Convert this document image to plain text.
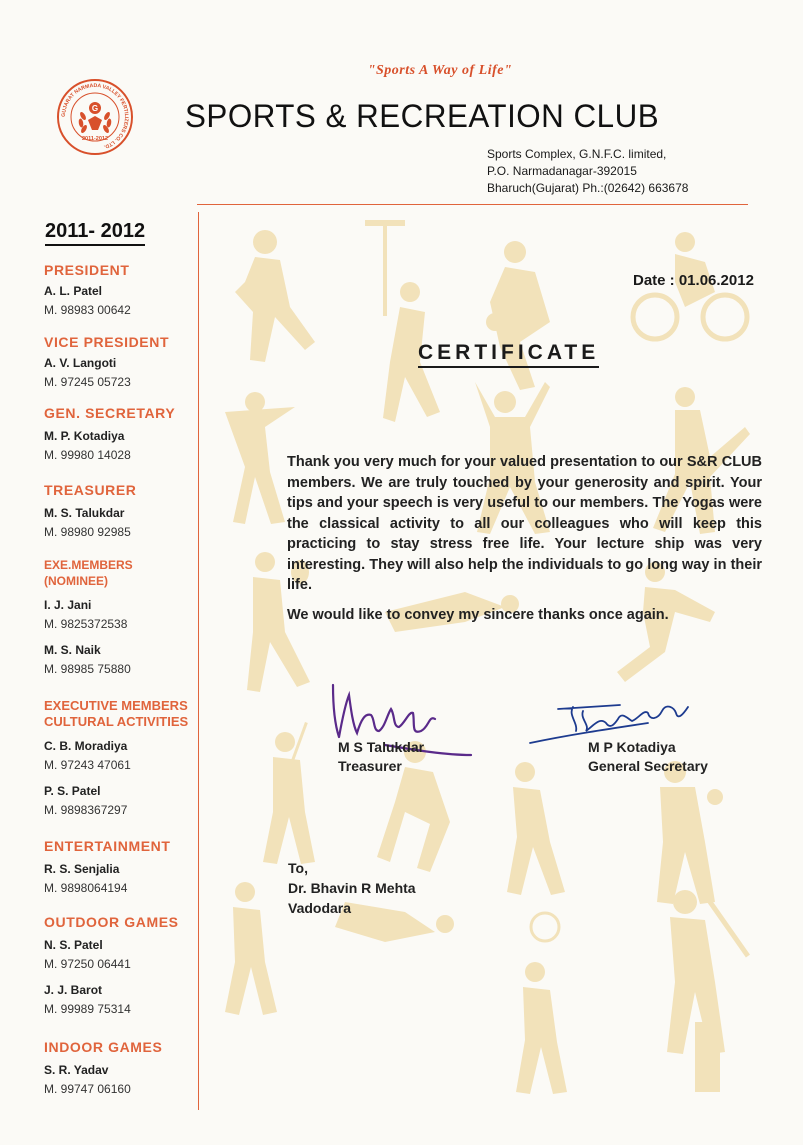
GUJARAT NARMADA VALLEY FERTILIZERS CO. LTD.
G
2011-2012
"Sports A Way of Life"
SPORTS & RECREATION CLUB
Sports Complex, G.N.F.C. limited,
P.O. Narmadanagar-392015
Bharuch(Gujarat) Ph.:(02642) 663678
2011- 2012
PRESIDENT
A. L. Patel
M. 98983 00642
VICE PRESIDENT
A. V. Langoti
M. 97245 05723
GEN. SECRETARY
M. P. Kotadiya
M. 99980 14028
TREASURER
M. S. Talukdar
M. 98980 92985
EXE.MEMBERS
(NOMINEE)
I. J. Jani
M. 9825372538
M. S. Naik
M. 98985 75880
EXECUTIVE MEMBERS
CULTURAL ACTIVITIES
C. B. Moradiya
M. 97243 47061
P. S. Patel
M. 9898367297
ENTERTAINMENT
R. S. Senjalia
M. 9898064194
OUTDOOR GAMES
N. S. Patel
M. 97250 06441
J. J. Barot
M. 99989 75314
INDOOR GAMES
S. R. Yadav
M. 99747 06160
Date : 01.06.2012
CERTIFICATE

Thank you very much for your valued presentation to our S&R CLUB members. We are truly touched by your generosity and spirit. Your tips and your speech is very useful to our members. The Yogas were the classical activity to all our colleagues who will keep this practicing to stay stress free life. Your lecture ship was very interesting. They will also help the individuals to go long way in their life.

We would like to convey my sincere thanks once again.

M S Talukdar
Treasurer
M P Kotadiya
General Secretary
To,
Dr. Bhavin R Mehta
Vadodara
